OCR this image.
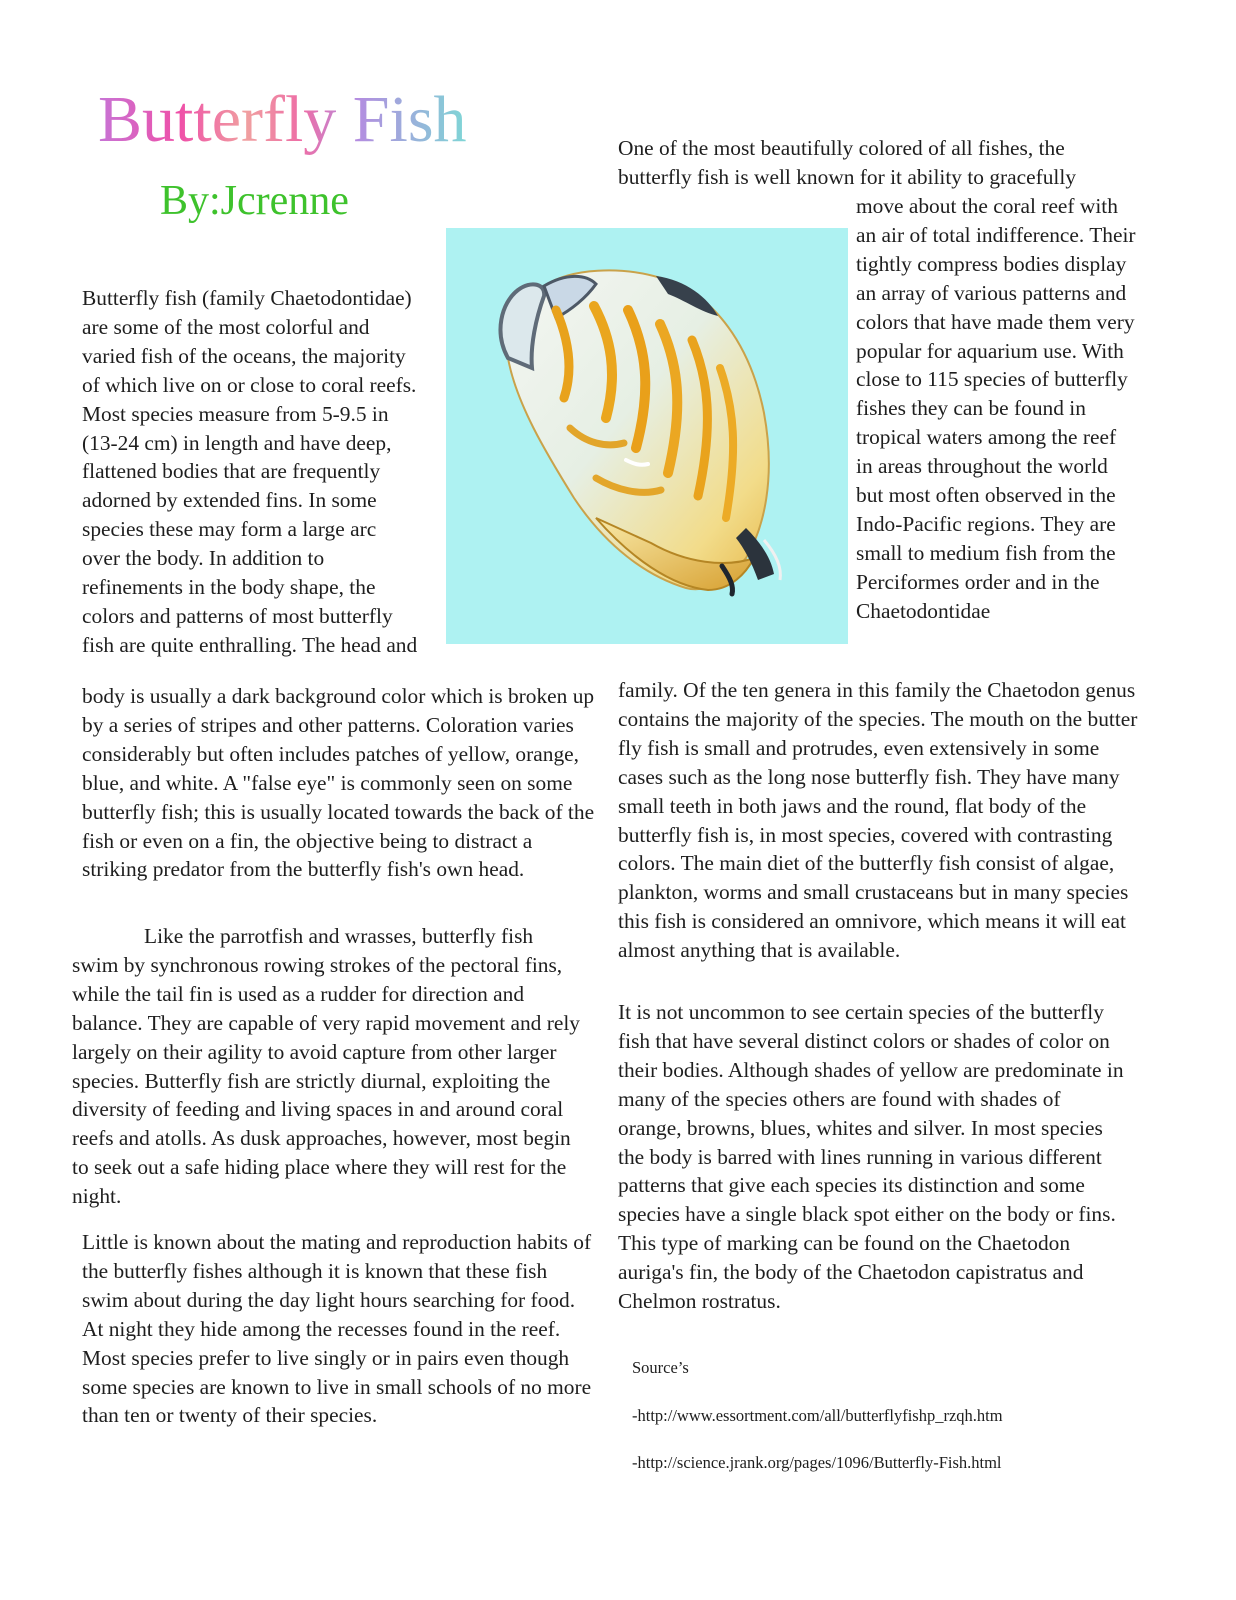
Butterfly Fish
By:Jcrenne

Butterfly fish (family Chaetodontidae) are some of the most colorful and varied fish of the oceans, the majority of which live on or close to coral reefs. Most species measure from 5-9.5 in (13-24 cm) in length and have deep, flattened bodies that are frequently adorned by extended fins. In some species these may form a large arc over the body. In addition to refinements in the body shape, the colors and patterns of most butterfly fish are quite enthralling. The head and

body is usually a dark background color which is broken up by a series of stripes and other patterns. Coloration varies considerably but often includes patches of yellow, orange, blue, and white. A "false eye" is commonly seen on some butterfly fish; this is usually located towards the back of the fish or even on a fin, the objective being to distract a striking predator from the butterfly fish's own head.

Like the parrotfish and wrasses, butterfly fish swim by synchronous rowing strokes of the pectoral fins, while the tail fin is used as a rudder for direction and balance. They are capable of very rapid movement and rely largely on their agility to avoid capture from other larger species. Butterfly fish are strictly diurnal, exploiting the diversity of feeding and living spaces in and around coral reefs and atolls. As dusk approaches, however, most begin to seek out a safe hiding place where they will rest for the night.

Little is known about the mating and reproduction habits of the butterfly fishes although it is known that these fish swim about during the day light hours searching for food. At night they hide among the recesses found in the reef. Most species prefer to live singly or in pairs even though some species are known to live in small schools of no more than ten or twenty of their species.

One of the most beautifully colored of all fishes, the butterfly fish is well known for it ability to gracefully

move about the coral reef with an air of total indifference. Their tightly compress bodies display an array of various patterns and colors that have made them very popular for aquarium use. With close to 115 species of butterfly fishes they can be found in tropical waters among the reef in areas throughout the world but most often observed in the Indo-Pacific regions. They are small to medium fish from the Perciformes order and in the Chaetodontidae

family. Of the ten genera in this family the Chaetodon genus contains the majority of the species. The mouth on the butter fly fish is small and protrudes, even extensively in some cases such as the long nose butterfly fish. They have many small teeth in both jaws and the round, flat body of the butterfly fish is, in most species, covered with contrasting colors. The main diet of the butterfly fish consist of algae, plankton, worms and small crustaceans but in many species this fish is considered an omnivore, which means it will eat almost anything that is available.

It is not uncommon to see certain species of the butterfly fish that have several distinct colors or shades of color on their bodies. Although shades of yellow are predominate in many of the species others are found with shades of orange, browns, blues, whites and silver. In most species the body is barred with lines running in various different patterns that give each species its distinction and some species have a single black spot either on the body or fins. This type of marking can be found on the Chaetodon auriga's fin, the body of the Chaetodon capistratus and Chelmon rostratus.

Source’s
-http://www.essortment.com/all/butterflyfishp_rzqh.htm
-http://science.jrank.org/pages/1096/Butterfly-Fish.html
